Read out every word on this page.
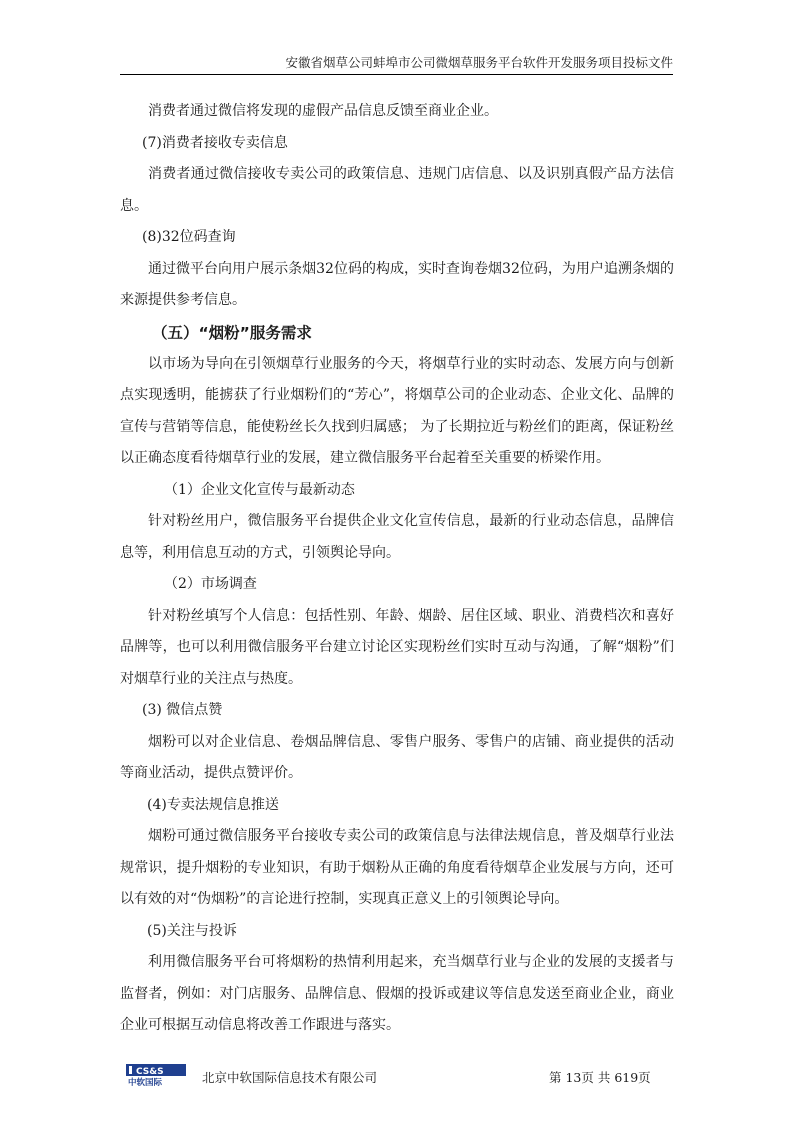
安徽省烟草公司蚌埠市公司微烟草服务平台软件开发服务项目投标文件

消费者通过微信将发现的虚假产品信息反馈至商业企业。

(7)消费者接收专卖信息

消费者通过微信接收专卖公司的政策信息、违规门店信息、以及识别真假产品方法信息。

(8)32位码查询

通过微平台向用户展示条烟32位码的构成，实时查询卷烟32位码，为用户追溯条烟的来源提供参考信息。

（五）“烟粉”服务需求

以市场为导向在引领烟草行业服务的今天，将烟草行业的实时动态、发展方向与创新点实现透明，能掳获了行业烟粉们的“芳心”，将烟草公司的企业动态、企业文化、品牌的宣传与营销等信息，能使粉丝长久找到归属感； 为了长期拉近与粉丝们的距离，保证粉丝以正确态度看待烟草行业的发展，建立微信服务平台起着至关重要的桥梁作用。

（1）企业文化宣传与最新动态

针对粉丝用户，微信服务平台提供企业文化宣传信息，最新的行业动态信息，品牌信息等，利用信息互动的方式，引领舆论导向。

（2）市场调查

针对粉丝填写个人信息：包括性别、年龄、烟龄、居住区域、职业、消费档次和喜好品牌等，也可以利用微信服务平台建立讨论区实现粉丝们实时互动与沟通，了解“烟粉”们对烟草行业的关注点与热度。

(3) 微信点赞

烟粉可以对企业信息、卷烟品牌信息、零售户服务、零售户的店铺、商业提供的活动等商业活动，提供点赞评价。

(4)专卖法规信息推送

烟粉可通过微信服务平台接收专卖公司的政策信息与法律法规信息，普及烟草行业法规常识，提升烟粉的专业知识，有助于烟粉从正确的角度看待烟草企业发展与方向，还可以有效的对“伪烟粉”的言论进行控制，实现真正意义上的引领舆论导向。

(5)关注与投诉

利用微信服务平台可将烟粉的热情利用起来，充当烟草行业与企业的发展的支援者与监督者，例如：对门店服务、品牌信息、假烟的投诉或建议等信息发送至商业企业，商业企业可根据互动信息将改善工作跟进与落实。

CS&S
中软国际	北京中软国际信息技术有限公司	第 13页 共 619页
